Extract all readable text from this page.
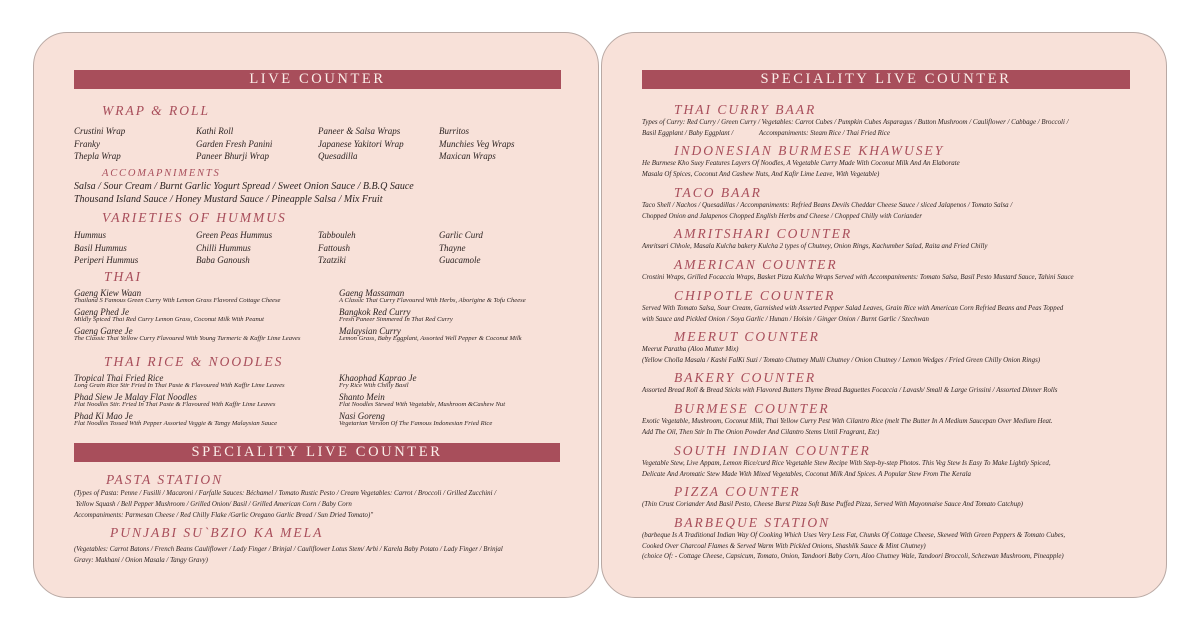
LIVE COUNTER
WRAP & ROLL
Crustini Wrap
Franky
Thepla Wrap
Kathi Roll
Garden Fresh Panini
Paneer Bhurji Wrap
Paneer & Salsa Wraps
Japanese Yakitori Wrap
Quesadilla
Burritos
Munchies Veg Wraps
Maxican Wraps
ACCOMAPNIMENTS
Salsa / Sour Cream / Burnt Garlic Yogurt Spread / Sweet Onion Sauce / B.B.Q Sauce
Thousand Island Sauce / Honey Mustard Sauce / Pineapple Salsa / Mix Fruit
VARIETIES OF HUMMUS
Hummus
Basil Hummus
Periperi Hummus
Green Peas Hummus
Chilli Hummus
Baba Ganoush
Tabbouleh
Fattoush
Tzatziki
Garlic Curd
Thayne
Guacamole
THAI
Gaeng Kiew Waan
Thailand S Famous Green Curry With Lemon Grass Flavored Cottage Cheese
Gaeng Phed Je
Mildly Spiced Thai Red Curry Lemon Grass, Coconut Milk With Peanut
Gaeng Garee Je
The Classic Thai Yellow Curry Flavoured With Young Turmeric & Kaffir Lime Leaves
Gaeng Massaman
A Classic Thai Curry Flavoured With Herbs, Aborigine & Tofu Cheese
Bangkok Red Curry
Fresh Paneer Simmered In Thai Red Curry
Malaysian Curry
Lemon Grass, Baby Eggplant, Assorted Well Pepper & Coconut Milk
THAI RICE & NOODLES
Tropical Thai Fried Rice
Long Grain Rice Stir Fried In Thai Paste & Flavoured With Kaffir Lime Leaves
Phad Siew Je Malay Flat Noodles
Flat Noodles Stir. Fried In Thai Paste & Flavoured With Kaffir Lime Leaves
Phad Ki Mao Je
Flat Noodles Tossed With Pepper Assorted Veggie & Tangy Malaysian Sauce
Khaophad Kaprao Je
Fry Rice With Chilly Basil
Shanto Mein
Flat Noodles Stewed With Vegetable, Mushroom &Cashew Nut
Nasi Goreng
Vegetarian Version Of The Famous Indonesian Fried Rice
SPECIALITY LIVE COUNTER
PASTA STATION
(Types of Pasta: Penne / Fusilli / Macaroni / Farfalle Sauces: Béchamel / Tomato Rustic Pesto / Cream Vegetables: Carrot / Broccoli / Grilled Zucchini /
Yellow Squash / Bell Pepper Mushroom / Grilled Onion/ Basil / Grilled American Corn / Baby Corn
Accompaniments: Parmesan Cheese / Red Chilly Flake /Garlic Oregano Garlic Bread / Sun Dried Tomato)"
PUNJABI SU`BZIO KA MELA
(Vegetables: Carrot Batons / French Beans Cauliflower / Lady Finger / Brinjal / Cauliflower Lotus Stem/ Arbi / Karela Baby Potato / Lady Finger / Brinjal
Gravy: Makhani / Onion Masala / Tangy Gravy)
SPECIALITY LIVE COUNTER
THAI CURRY BAAR
Types of Curry: Red Curry / Green Curry / Vegetables: Carrot Cubes / Pumpkin Cubes Asparagus / Button Mushroom / Cauliflower / Cabbage / Broccoli /
Basil Eggplant / Baby Eggplant /               Accompaniments: Steam Rice / Thai Fried Rice
INDONESIAN BURMESE KHAWUSEY
He Burmese Kho Suey Features Layers Of Noodles, A Vegetable Curry Made With Coconut Milk And An Elaborate
Masala Of Spices, Coconut And Cashew Nuts, And Kafir Lime Leave, With Vegetable)
TACO BAAR
Taco Shell / Nachos / Quesadillas / Accompaniments: Refried Beans Devils Cheddar Cheese Sauce / sliced Jalapenos / Tomato Salsa /
Chopped Onion and Jalapenos Chopped English Herbs and Cheese / Chopped Chilly with Coriander
AMRITSHARI COUNTER
Amritsari Chhole, Masala Kulcha bakery Kulcha 2 types of Chutney, Onion Rings, Kachumber Salad, Raita and Fried Chilly
AMERICAN COUNTER
Crostini Wraps, Grilled Focaccia Wraps, Basket Pizza Kulcha Wraps Served with Accompaniments: Tomato Salsa, Basil Pesto Mustard Sauce, Tahini Sauce
CHIPOTLE COUNTER
Served With Tomato Salsa, Sour Cream, Garnished with Asserted Pepper Salad Leaves, Grain Rice with American Corn Refried Beans and Peas Topped
with Sauce and Pickled Onion / Soya Garlic / Hunan / Hoisin / Ginger Onion / Burnt Garlic / Szechwan
MEERUT COUNTER
Meerut Paratha (Aloo Mutter Mix)
(Yellow Cholla Masala / Kashi FalKi Suzi / Tomato Chutney Mulli Chutney / Onion Chutney / Lemon Wedges / Fried Green Chilly Onion Rings)
BAKERY COUNTER
Assorted Bread Roll & Bread Sticks with Flavored Butters Thyme Bread Baguettes Focaccia / Lavash/ Small & Large Grissini / Assorted Dinner Rolls
BURMESE COUNTER
Exotic Vegetable, Mushroom, Coconut Milk, Thai Yellow Curry Pest With Cilantro Rice (melt The Butter In A Medium Saucepan Over Medium Heat.
Add The Oil, Then Stir In The Onion Powder And Cilantro Stems Until Fragrant, Etc)
SOUTH INDIAN COUNTER
Vegetable Stew, Live Appam, Lemon Rice/curd Rice Vegetable Stew Recipe With Step-by-step Photos. This Veg Stew Is Easy To Make Lightly Spiced,
Delicate And Aromatic Stew Made With Mixed Vegetables, Coconut Milk And Spices. A Popular Stew From The Kerala
PIZZA COUNTER
(Thin Crust Coriander And Basil Pesto, Cheese Burst Pizza Soft Base Puffed Pizza, Served With Mayonnaise Sauce And Tomato Catchup)
BARBEQUE STATION
(barbeque Is A Traditional Indian Way Of Cooking Which Uses Very Less Fat, Chunks Of Cottage Cheese, Skewed With Green Peppers & Tomato Cubes,
Cooked Over Charcoal Flames & Served Warm With Pickled Onions, Shashlik Sauce & Mint Chutney)
(choice Of: - Cottage Cheese, Capsicum, Tomato, Onion, Tandoori Baby Corn, Aloo Chutney Wale, Tandoori Broccoli, Schezwan Mushroom, Pineapple)
